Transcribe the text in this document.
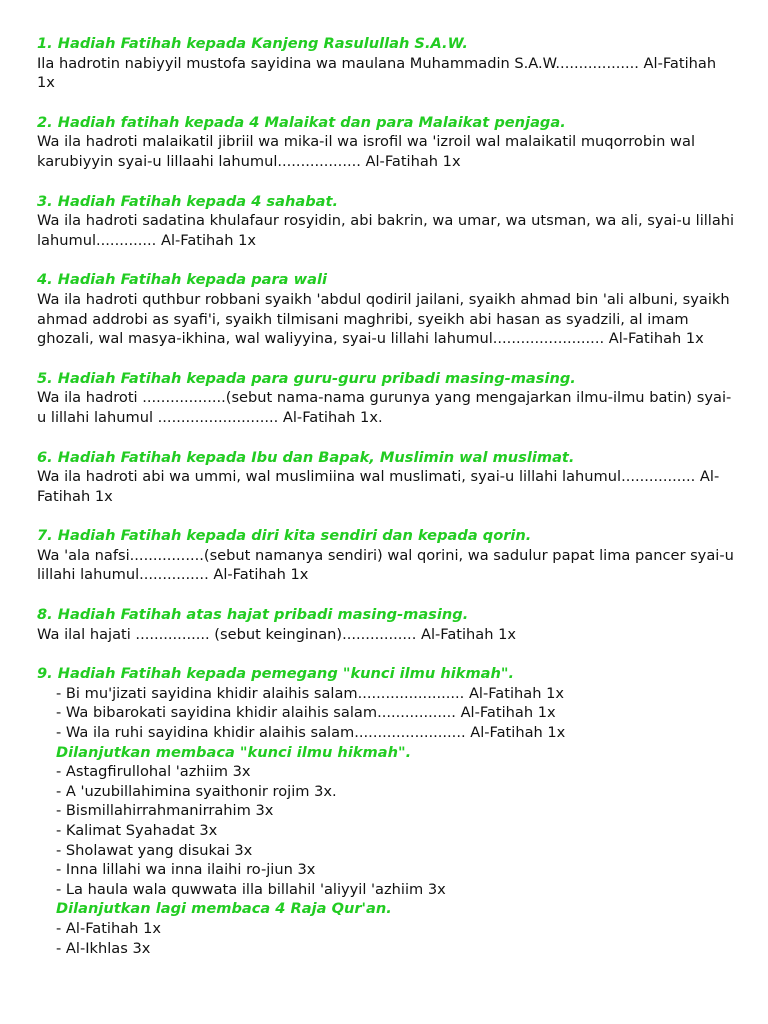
1. Hadiah Fatihah kepada Kanjeng Rasulullah S.A.W.

Ila hadrotin nabiyyil mustofa sayidina wa maulana Muhammadin S.A.W.................. Al-Fatihah 1x

2. Hadiah fatihah kepada 4 Malaikat dan para Malaikat penjaga.

Wa ila hadroti malaikatil jibriil wa mika-il wa isrofil wa 'izroil wal malaikatil muqorrobin wal karubiyyin syai-u lillaahi lahumul.................. Al-Fatihah 1x

3. Hadiah Fatihah kepada 4 sahabat.

Wa ila hadroti sadatina khulafaur rosyidin, abi bakrin, wa umar, wa utsman, wa ali, syai-u lillahi lahumul............. Al-Fatihah 1x

4. Hadiah Fatihah kepada para wali

Wa ila hadroti quthbur robbani syaikh 'abdul qodiril jailani, syaikh ahmad bin 'ali albuni, syaikh ahmad addrobi as syafi'i, syaikh tilmisani maghribi, syeikh abi hasan as syadzili, al imam ghozali, wal masya-ikhina, wal waliyyina, syai-u lillahi lahumul........................ Al-Fatihah 1x

5. Hadiah Fatihah kepada para guru-guru pribadi masing-masing.

Wa ila hadroti ..................(sebut nama-nama gurunya yang mengajarkan ilmu-ilmu batin) syai-u lillahi lahumul .......................... Al-Fatihah 1x.

6. Hadiah Fatihah kepada Ibu dan Bapak, Muslimin wal muslimat.

Wa ila hadroti abi wa ummi, wal muslimiina wal muslimati, syai-u lillahi lahumul................ Al-Fatihah 1x

7. Hadiah Fatihah kepada diri kita sendiri dan kepada qorin.

Wa 'ala nafsi................(sebut namanya sendiri) wal qorini, wa sadulur papat lima pancer syai-u lillahi lahumul............... Al-Fatihah 1x

8. Hadiah Fatihah atas hajat pribadi masing-masing.

Wa ilal hajati ................ (sebut keinginan)................ Al-Fatihah 1x

9. Hadiah Fatihah kepada pemegang "kunci ilmu hikmah".

- Bi mu'jizati sayidina khidir alaihis salam....................... Al-Fatihah 1x
- Wa bibarokati sayidina khidir alaihis salam................. Al-Fatihah 1x
- Wa ila ruhi sayidina khidir alaihis salam........................ Al-Fatihah 1x

Dilanjutkan membaca "kunci ilmu hikmah".

- Astagfirullohal 'azhiim 3x
- A 'uzubillahimina syaithonir rojim 3x.
- Bismillahirrahmanirrahim 3x
- Kalimat Syahadat 3x
- Sholawat yang disukai 3x
- Inna lillahi wa inna ilaihi ro-jiun 3x
- La haula wala quwwata illa billahil 'aliyyil 'azhiim 3x

Dilanjutkan lagi membaca 4 Raja Qur'an.

- Al-Fatihah 1x
- Al-Ikhlas 3x
